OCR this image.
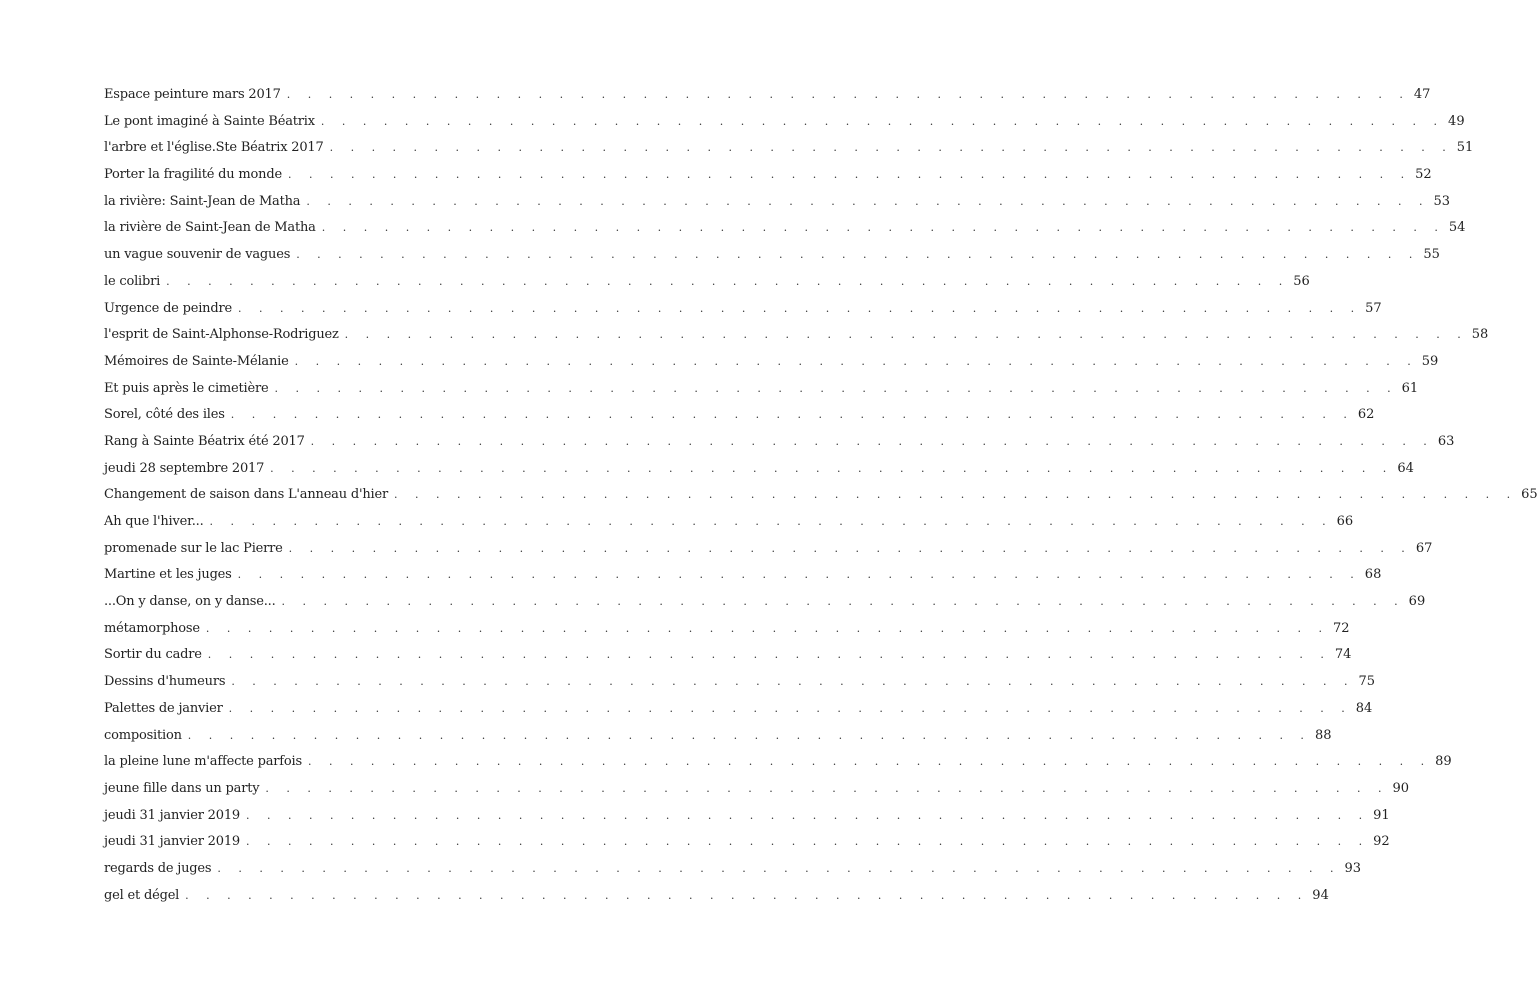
Espace peinture mars 2017 . . . . . . . . . . . . . . . . . . . . . . . . . . . . . . . . . . . . . . . . . . . . . . . . . . . . . . 47
Le pont imaginé à Sainte Béatrix . . . . . . . . . . . . . . . . . . . . . . . . . . . . . . . . . . . . . . . . . . . . . . . . . . . . . . 49
l'arbre et l'église.Ste Béatrix 2017 . . . . . . . . . . . . . . . . . . . . . . . . . . . . . . . . . . . . . . . . . . . . . . . . . . . . . . 51
Porter la fragilité du monde . . . . . . . . . . . . . . . . . . . . . . . . . . . . . . . . . . . . . . . . . . . . . . . . . . . . . . 52
la rivière: Saint-Jean de Matha . . . . . . . . . . . . . . . . . . . . . . . . . . . . . . . . . . . . . . . . . . . . . . . . . . . . . . 53
la rivière de Saint-Jean de Matha . . . . . . . . . . . . . . . . . . . . . . . . . . . . . . . . . . . . . . . . . . . . . . . . . . . . . . 54
un vague souvenir de vagues . . . . . . . . . . . . . . . . . . . . . . . . . . . . . . . . . . . . . . . . . . . . . . . . . . . . . . 55
le colibri . . . . . . . . . . . . . . . . . . . . . . . . . . . . . . . . . . . . . . . . . . . . . . . . . . . . . . 56
Urgence de peindre . . . . . . . . . . . . . . . . . . . . . . . . . . . . . . . . . . . . . . . . . . . . . . . . . . . . . . 57
l'esprit de Saint-Alphonse-Rodriguez . . . . . . . . . . . . . . . . . . . . . . . . . . . . . . . . . . . . . . . . . . . . . . . . . . . . . . 58
Mémoires de Sainte-Mélanie . . . . . . . . . . . . . . . . . . . . . . . . . . . . . . . . . . . . . . . . . . . . . . . . . . . . . . 59
Et puis après le cimetière . . . . . . . . . . . . . . . . . . . . . . . . . . . . . . . . . . . . . . . . . . . . . . . . . . . . . . 61
Sorel, côté des iles . . . . . . . . . . . . . . . . . . . . . . . . . . . . . . . . . . . . . . . . . . . . . . . . . . . . . . 62
Rang à Sainte Béatrix été 2017 . . . . . . . . . . . . . . . . . . . . . . . . . . . . . . . . . . . . . . . . . . . . . . . . . . . . . . 63
jeudi 28 septembre 2017 . . . . . . . . . . . . . . . . . . . . . . . . . . . . . . . . . . . . . . . . . . . . . . . . . . . . . . 64
Changement de saison dans L'anneau d'hier . . . . . . . . . . . . . . . . . . . . . . . . . . . . . . . . . . . . . . . . . . . . . . . . . . . . . . 65
Ah que l'hiver... . . . . . . . . . . . . . . . . . . . . . . . . . . . . . . . . . . . . . . . . . . . . . . . . . . . . . . 66
promenade sur le lac Pierre . . . . . . . . . . . . . . . . . . . . . . . . . . . . . . . . . . . . . . . . . . . . . . . . . . . . . . 67
Martine et les juges . . . . . . . . . . . . . . . . . . . . . . . . . . . . . . . . . . . . . . . . . . . . . . . . . . . . . . 68
...On y danse, on y danse... . . . . . . . . . . . . . . . . . . . . . . . . . . . . . . . . . . . . . . . . . . . . . . . . . . . . . . 69
métamorphose . . . . . . . . . . . . . . . . . . . . . . . . . . . . . . . . . . . . . . . . . . . . . . . . . . . . . . 72
Sortir du cadre . . . . . . . . . . . . . . . . . . . . . . . . . . . . . . . . . . . . . . . . . . . . . . . . . . . . . . 74
Dessins d'humeurs . . . . . . . . . . . . . . . . . . . . . . . . . . . . . . . . . . . . . . . . . . . . . . . . . . . . . . 75
Palettes de janvier . . . . . . . . . . . . . . . . . . . . . . . . . . . . . . . . . . . . . . . . . . . . . . . . . . . . . . 84
composition . . . . . . . . . . . . . . . . . . . . . . . . . . . . . . . . . . . . . . . . . . . . . . . . . . . . . . 88
la pleine lune m'affecte parfois . . . . . . . . . . . . . . . . . . . . . . . . . . . . . . . . . . . . . . . . . . . . . . . . . . . . . . 89
jeune fille dans un party . . . . . . . . . . . . . . . . . . . . . . . . . . . . . . . . . . . . . . . . . . . . . . . . . . . . . . 90
jeudi 31 janvier 2019 . . . . . . . . . . . . . . . . . . . . . . . . . . . . . . . . . . . . . . . . . . . . . . . . . . . . . . 91
jeudi 31 janvier 2019 . . . . . . . . . . . . . . . . . . . . . . . . . . . . . . . . . . . . . . . . . . . . . . . . . . . . . . 92
regards de juges . . . . . . . . . . . . . . . . . . . . . . . . . . . . . . . . . . . . . . . . . . . . . . . . . . . . . . 93
gel et dégel . . . . . . . . . . . . . . . . . . . . . . . . . . . . . . . . . . . . . . . . . . . . . . . . . . . . . . 94
